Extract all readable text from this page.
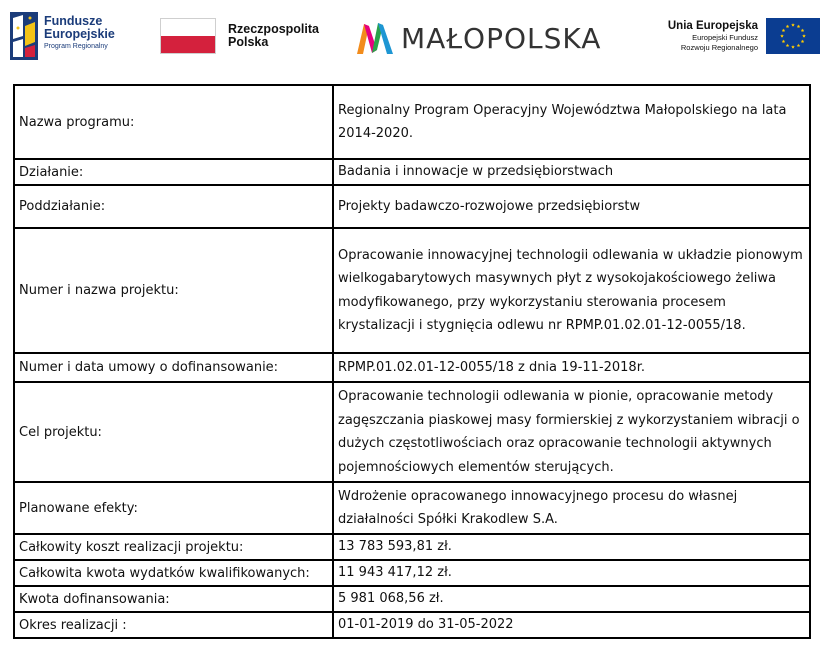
Fundusze
Europejskie
Program Regionalny
Rzeczpospolita
Polska	MAŁOPOLSKA	Unia Europejska
Europejski Fundusz
Rozwoju Regionalnego
Nazwa programu:	Regionalny Program Operacyjny Województwa Małopolskiego na lata 2014-2020.
Działanie:	Badania i innowacje w przedsiębiorstwach
Poddziałanie:	Projekty badawczo-rozwojowe przedsiębiorstw
Numer i nazwa projektu:	Opracowanie innowacyjnej technologii odlewania w układzie pionowym wielkogabarytowych masywnych płyt z wysokojakościowego żeliwa modyfikowanego, przy wykorzystaniu sterowania procesem krystalizacji i stygnięcia odlewu nr RPMP.01.02.01-12-0055/18.
Numer i data umowy o dofinansowanie:	RPMP.01.02.01-12-0055/18 z dnia 19-11-2018r.
Cel projektu:	Opracowanie technologii odlewania w pionie, opracowanie metody zagęszczania piaskowej masy formierskiej z wykorzystaniem wibracji o dużych częstotliwościach oraz opracowanie technologii aktywnych pojemnościowych elementów sterujących.
Planowane efekty:	Wdrożenie opracowanego innowacyjnego procesu do własnej działalności Spółki Krakodlew S.A.
Całkowity koszt realizacji projektu:	13 783 593,81 zł.
Całkowita kwota wydatków kwalifikowanych:	11 943 417,12 zł.
Kwota dofinansowania:	5 981 068,56 zł.
Okres realizacji :	01-01-2019 do 31-05-2022
